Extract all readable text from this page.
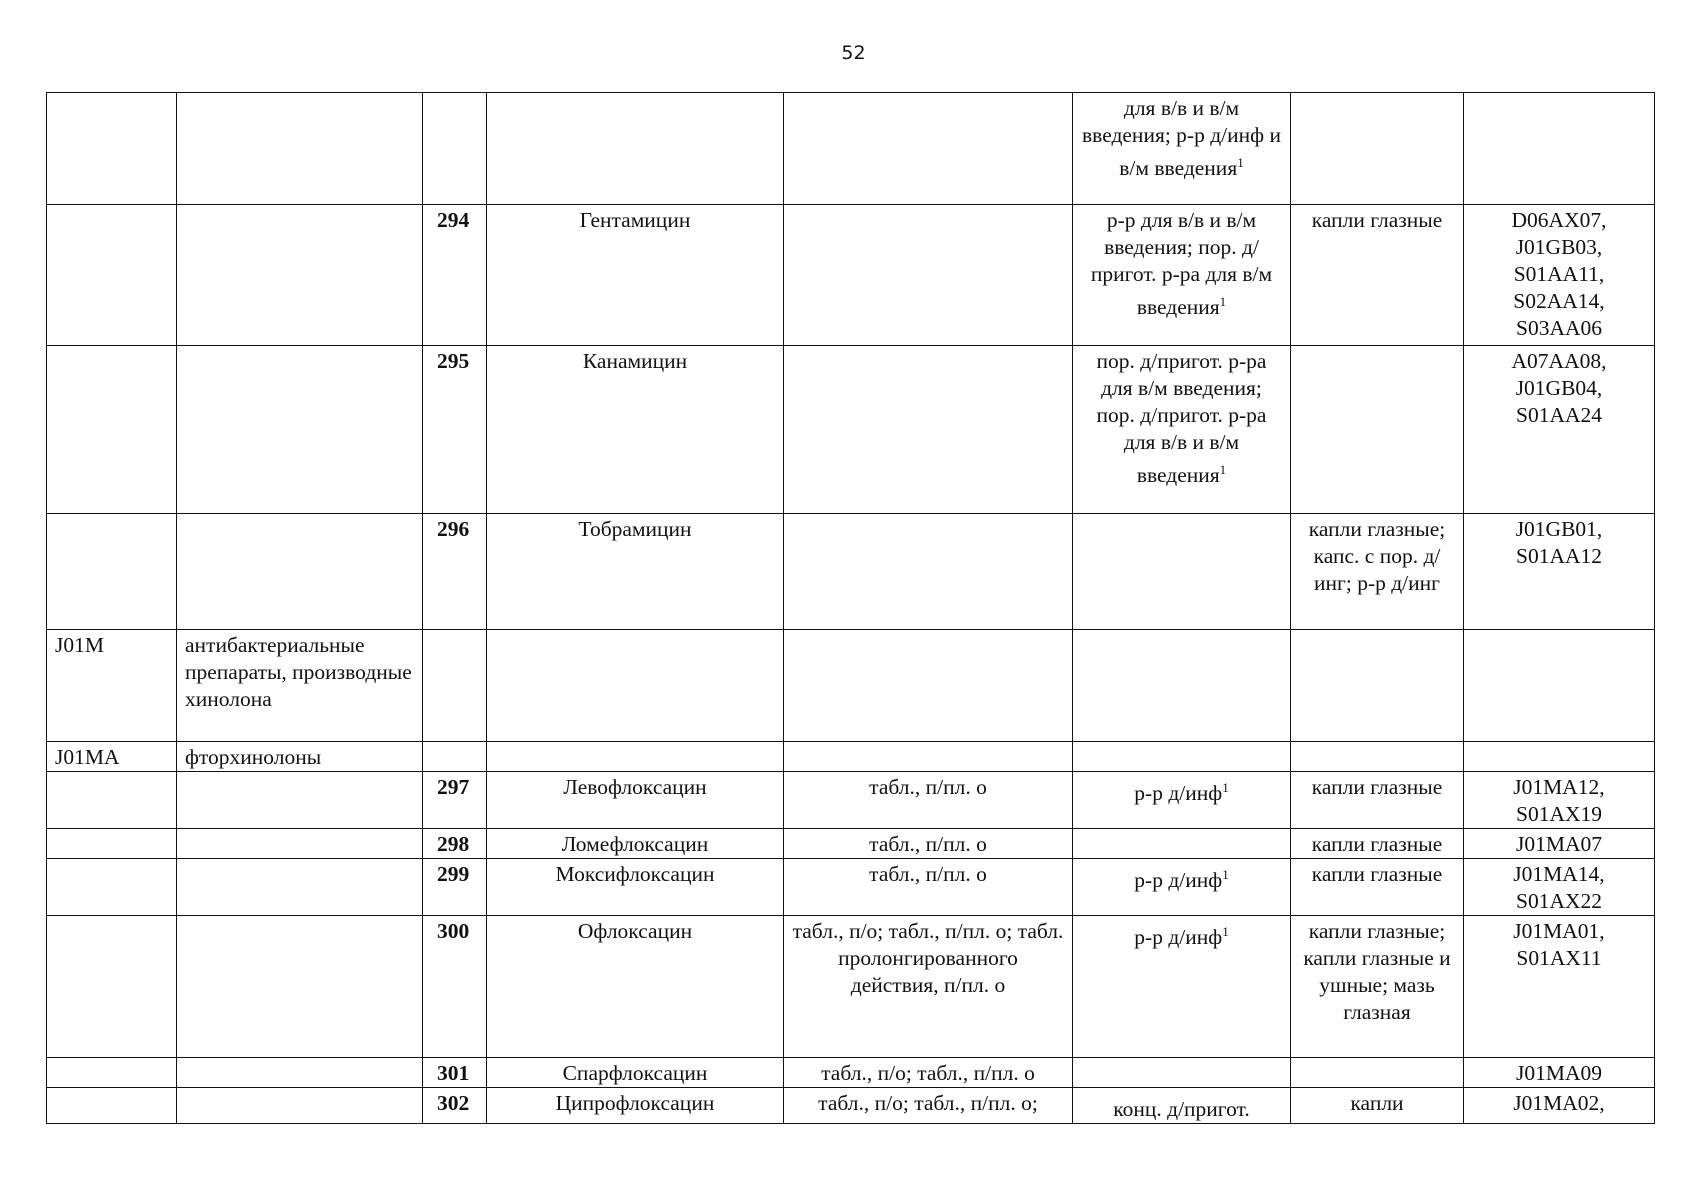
52
					для в/в и в/м введения; р-р д/инф и в/м введения$^1$		
		294	Гентамицин		р-р для в/в и в/м введения; пор. д/пригот. р-ра для в/м введения$^1$	капли глазные	D06AX07,
J01GB03,
S01AA11,
S02AA14,
S03AA06

		295	Канамицин		пор. д/пригот. р-ра для в/м введения; пор. д/пригот. р-ра для в/в и в/м введения$^1$		A07AA08,
J01GB04,
S01AA24

		296	Тобрамицин			капли глазные; капс. с пор. д/инг; р-р д/инг	J01GB01,
S01AA12

J01M	антибактериальные препараты, производные хинолона						
J01MA	фторхинолоны						
		297	Левофлоксацин	табл., п/пл. о	р-р д/инф$^1$	капли глазные	J01MA12,
S01AX19

		298	Ломефлоксацин	табл., п/пл. о		капли глазные	J01MA07

		299	Моксифлоксацин	табл., п/пл. о	р-р д/инф$^1$	капли глазные	J01MA14,
S01AX22

		300	Офлоксацин	табл., п/о; табл., п/пл. о; табл. пролонгированного действия, п/пл. о	р-р д/инф$^1$	капли глазные; капли глазные и ушные; мазь глазная	J01MA01,
S01AX11

		301	Спарфлоксацин	табл., п/о; табл., п/пл. о			J01MA09

		302	Ципрофлоксацин	табл., п/о; табл., п/пл. о;	конц. д/пригот.	капли	J01MA02,
